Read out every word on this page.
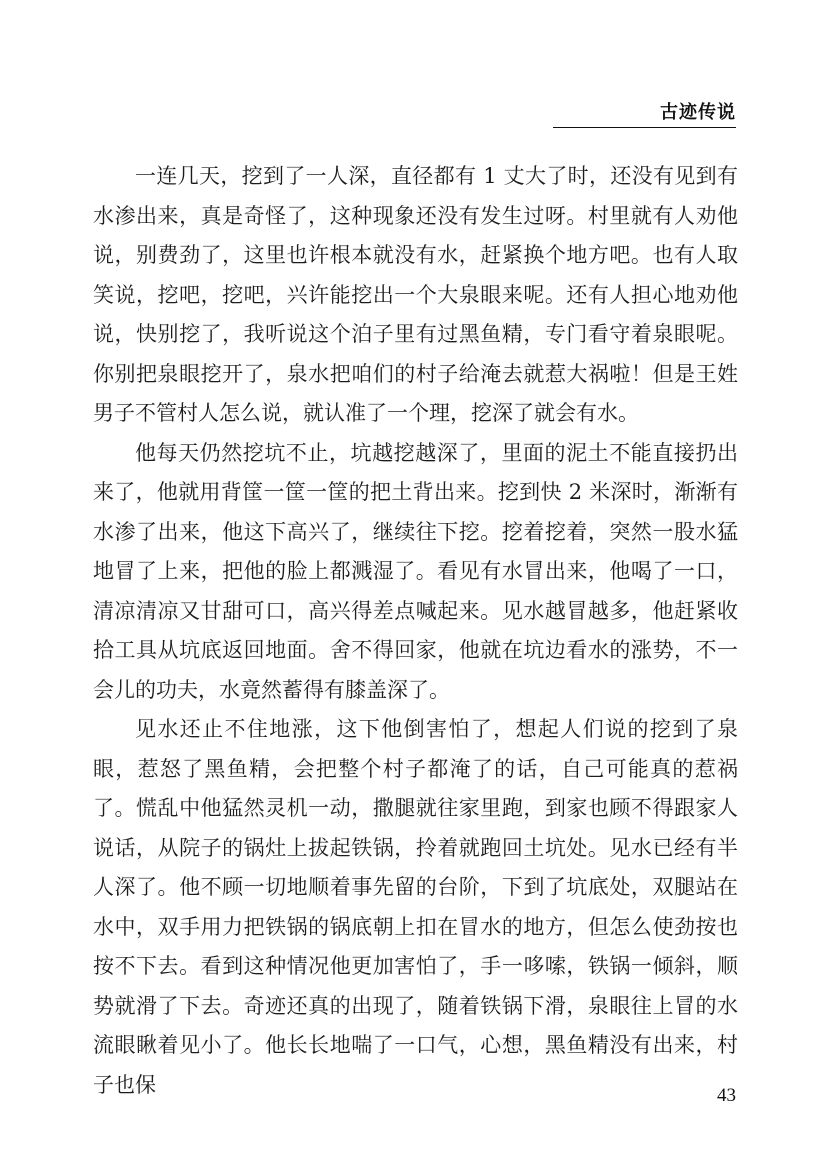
古迹传说

一连几天，挖到了一人深，直径都有 1 丈大了时，还没有见到有水渗出来，真是奇怪了，这种现象还没有发生过呀。村里就有人劝他说，别费劲了，这里也许根本就没有水，赶紧换个地方吧。也有人取笑说，挖吧，挖吧，兴许能挖出一个大泉眼来呢。还有人担心地劝他说，快别挖了，我听说这个泊子里有过黑鱼精，专门看守着泉眼呢。你别把泉眼挖开了，泉水把咱们的村子给淹去就惹大祸啦！但是王姓男子不管村人怎么说，就认准了一个理，挖深了就会有水。

他每天仍然挖坑不止，坑越挖越深了，里面的泥土不能直接扔出来了，他就用背筐一筐一筐的把土背出来。挖到快 2 米深时，渐渐有水渗了出来，他这下高兴了，继续往下挖。挖着挖着，突然一股水猛地冒了上来，把他的脸上都溅湿了。看见有水冒出来，他喝了一口，清凉清凉又甘甜可口，高兴得差点喊起来。见水越冒越多，他赶紧收拾工具从坑底返回地面。舍不得回家，他就在坑边看水的涨势，不一会儿的功夫，水竟然蓄得有膝盖深了。

见水还止不住地涨，这下他倒害怕了，想起人们说的挖到了泉眼，惹怒了黑鱼精，会把整个村子都淹了的话，自己可能真的惹祸了。慌乱中他猛然灵机一动，撒腿就往家里跑，到家也顾不得跟家人说话，从院子的锅灶上拔起铁锅，拎着就跑回土坑处。见水已经有半人深了。他不顾一切地顺着事先留的台阶，下到了坑底处，双腿站在水中，双手用力把铁锅的锅底朝上扣在冒水的地方，但怎么使劲按也按不下去。看到这种情况他更加害怕了，手一哆嗦，铁锅一倾斜，顺势就滑了下去。奇迹还真的出现了，随着铁锅下滑，泉眼往上冒的水流眼瞅着见小了。他长长地喘了一口气，心想，黑鱼精没有出来，村子也保	43
